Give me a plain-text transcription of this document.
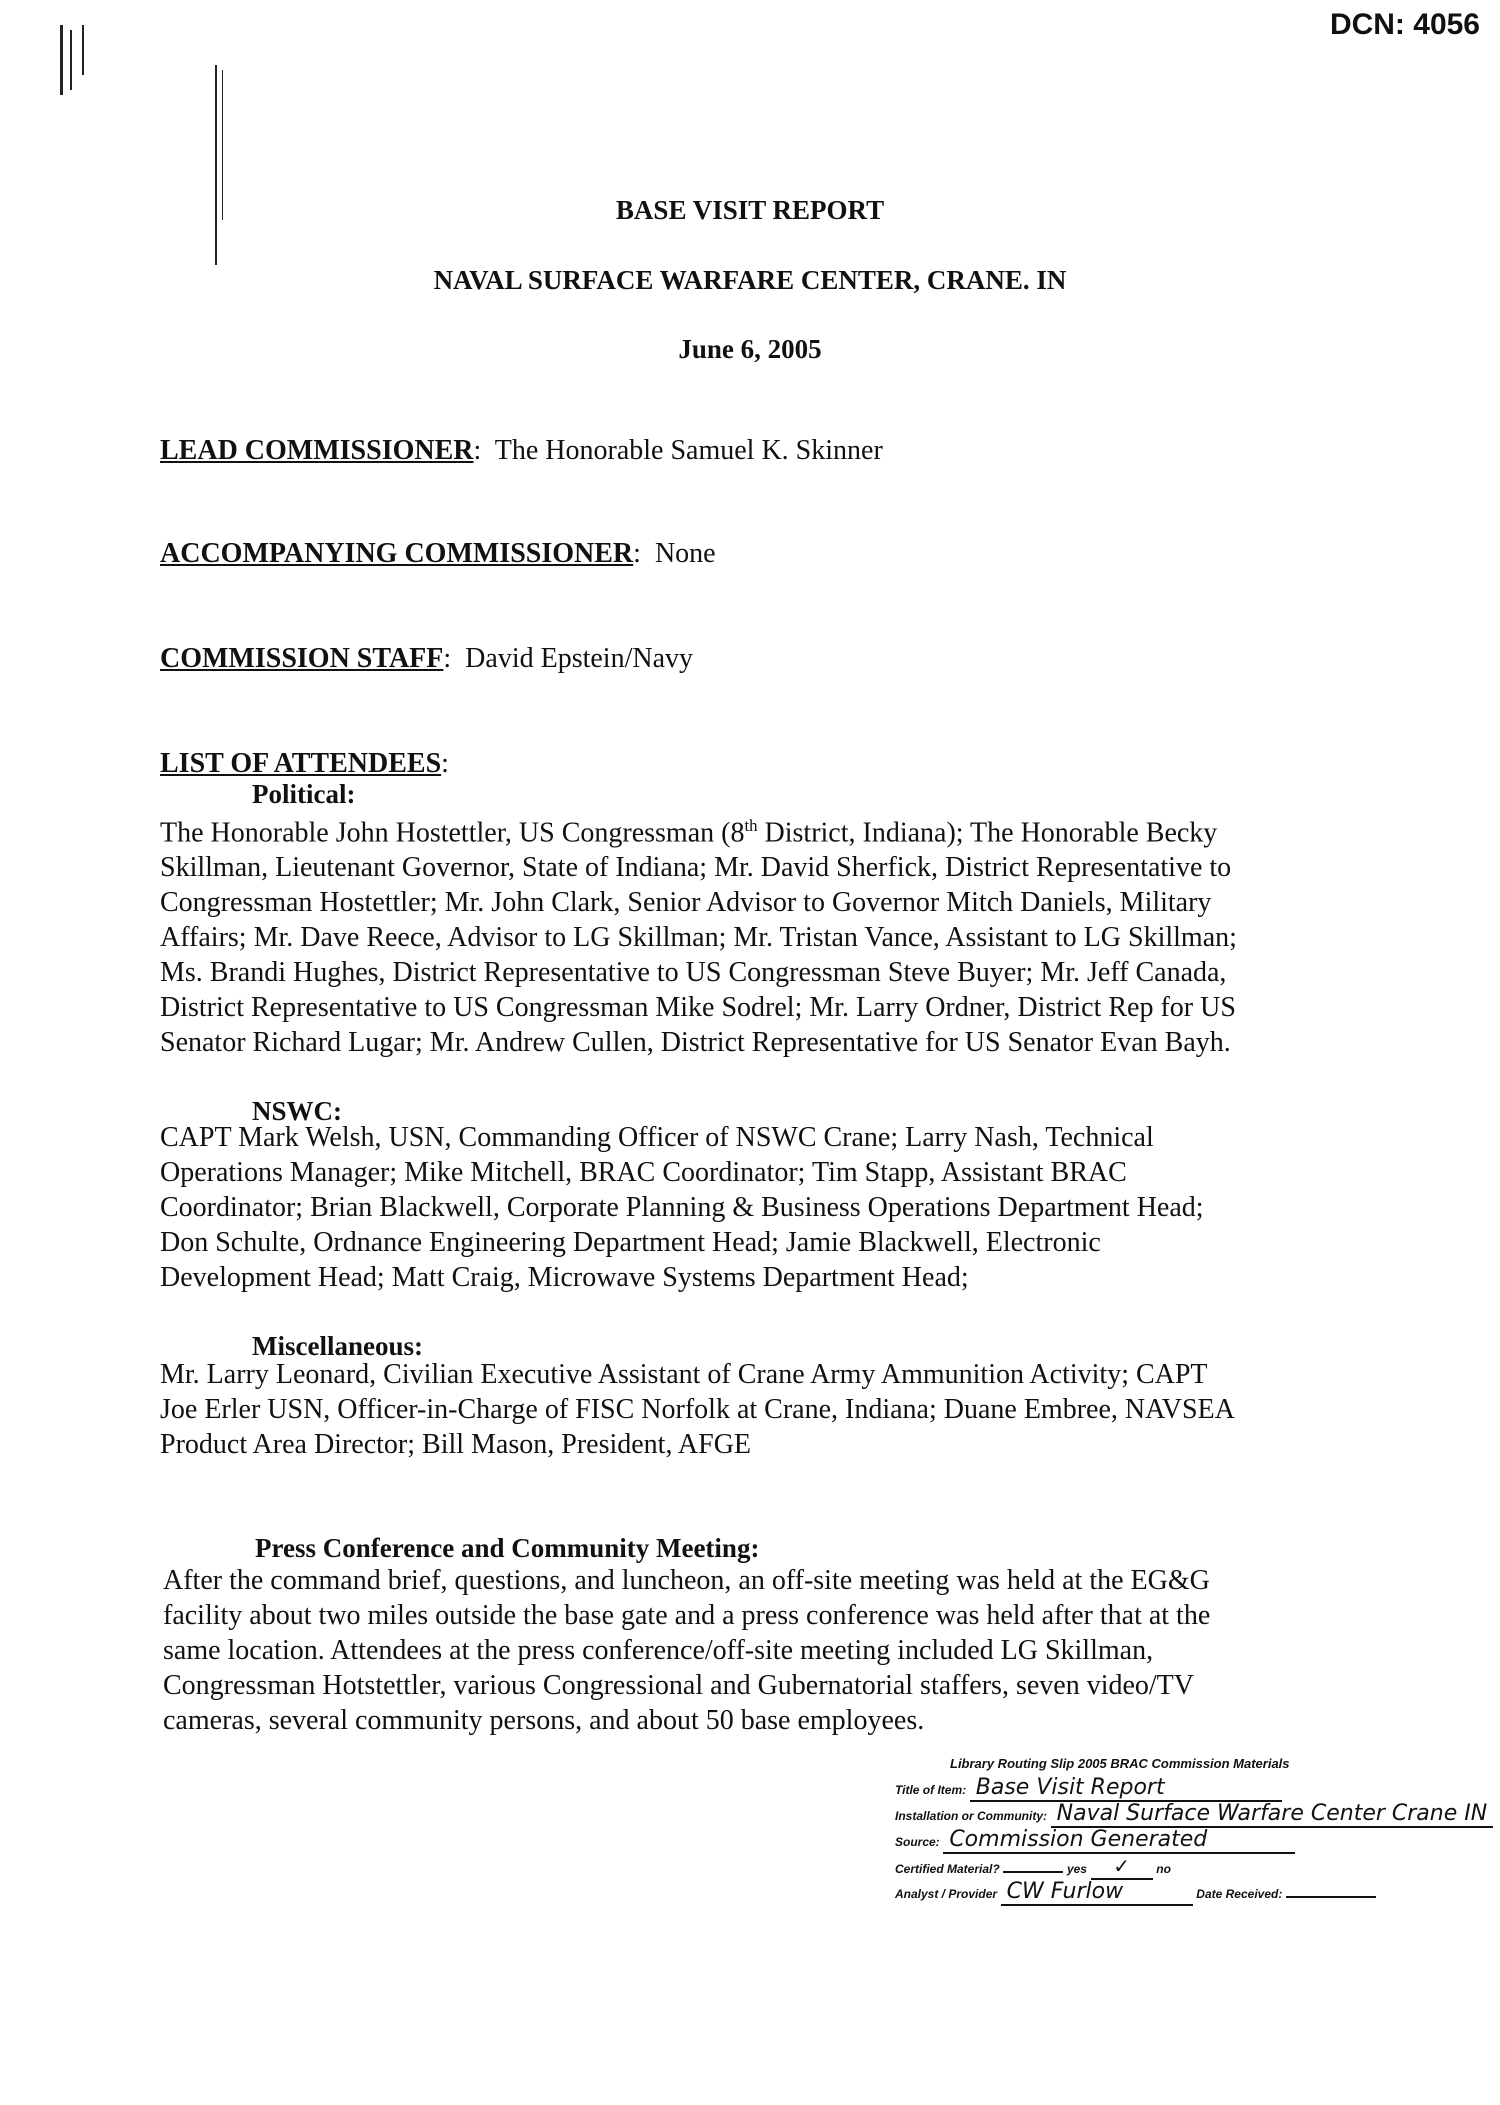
DCN: 4056
BASE VISIT REPORT
NAVAL SURFACE WARFARE CENTER, CRANE. IN
June 6, 2005
LEAD COMMISSIONER: The Honorable Samuel K. Skinner
ACCOMPANYING COMMISSIONER:  None
COMMISSION STAFF:  David Epstein/Navy
LIST OF ATTENDEES:
Political:
The Honorable John Hostettler, US Congressman (8th District, Indiana); The Honorable Becky
Skillman, Lieutenant Governor, State of Indiana; Mr. David Sherfick, District Representative to
Congressman Hostettler; Mr. John Clark, Senior Advisor to Governor Mitch Daniels, Military
Affairs; Mr. Dave Reece, Advisor to LG Skillman; Mr. Tristan Vance, Assistant to LG Skillman;
Ms. Brandi Hughes, District Representative to US Congressman Steve Buyer; Mr. Jeff Canada,
District Representative to US Congressman Mike Sodrel; Mr. Larry Ordner, District Rep for US
Senator Richard Lugar; Mr. Andrew Cullen, District Representative for US Senator Evan Bayh.
NSWC:
CAPT Mark Welsh, USN, Commanding Officer of NSWC Crane; Larry Nash, Technical
Operations Manager; Mike Mitchell, BRAC Coordinator; Tim Stapp, Assistant BRAC
Coordinator; Brian Blackwell, Corporate Planning & Business Operations Department Head;
Don Schulte, Ordnance Engineering Department Head; Jamie Blackwell, Electronic
Development Head; Matt Craig, Microwave Systems Department Head;
Miscellaneous:
Mr. Larry Leonard, Civilian Executive Assistant of Crane Army Ammunition Activity; CAPT
Joe Erler USN, Officer-in-Charge of FISC Norfolk at Crane, Indiana; Duane Embree, NAVSEA
Product Area Director; Bill Mason, President, AFGE
Press Conference and Community Meeting:
After the command brief, questions, and luncheon, an off-site meeting was held at the EG&G
facility about two miles outside the base gate and a press conference was held after that at the
same location. Attendees at the press conference/off-site meeting included LG Skillman,
Congressman Hotstettler, various Congressional and Gubernatorial staffers, seven video/TV
cameras, several community persons, and about 50 base employees.
Library Routing Slip 2005 BRAC Commission Materials
Title of Item: Base Visit Report
Installation or Community: Naval Surface Warfare Center Crane IN
Source: Commission Generated
Certified Material?	yes ✓ no
Analyst / Provider CW Furlow	Date Received:
